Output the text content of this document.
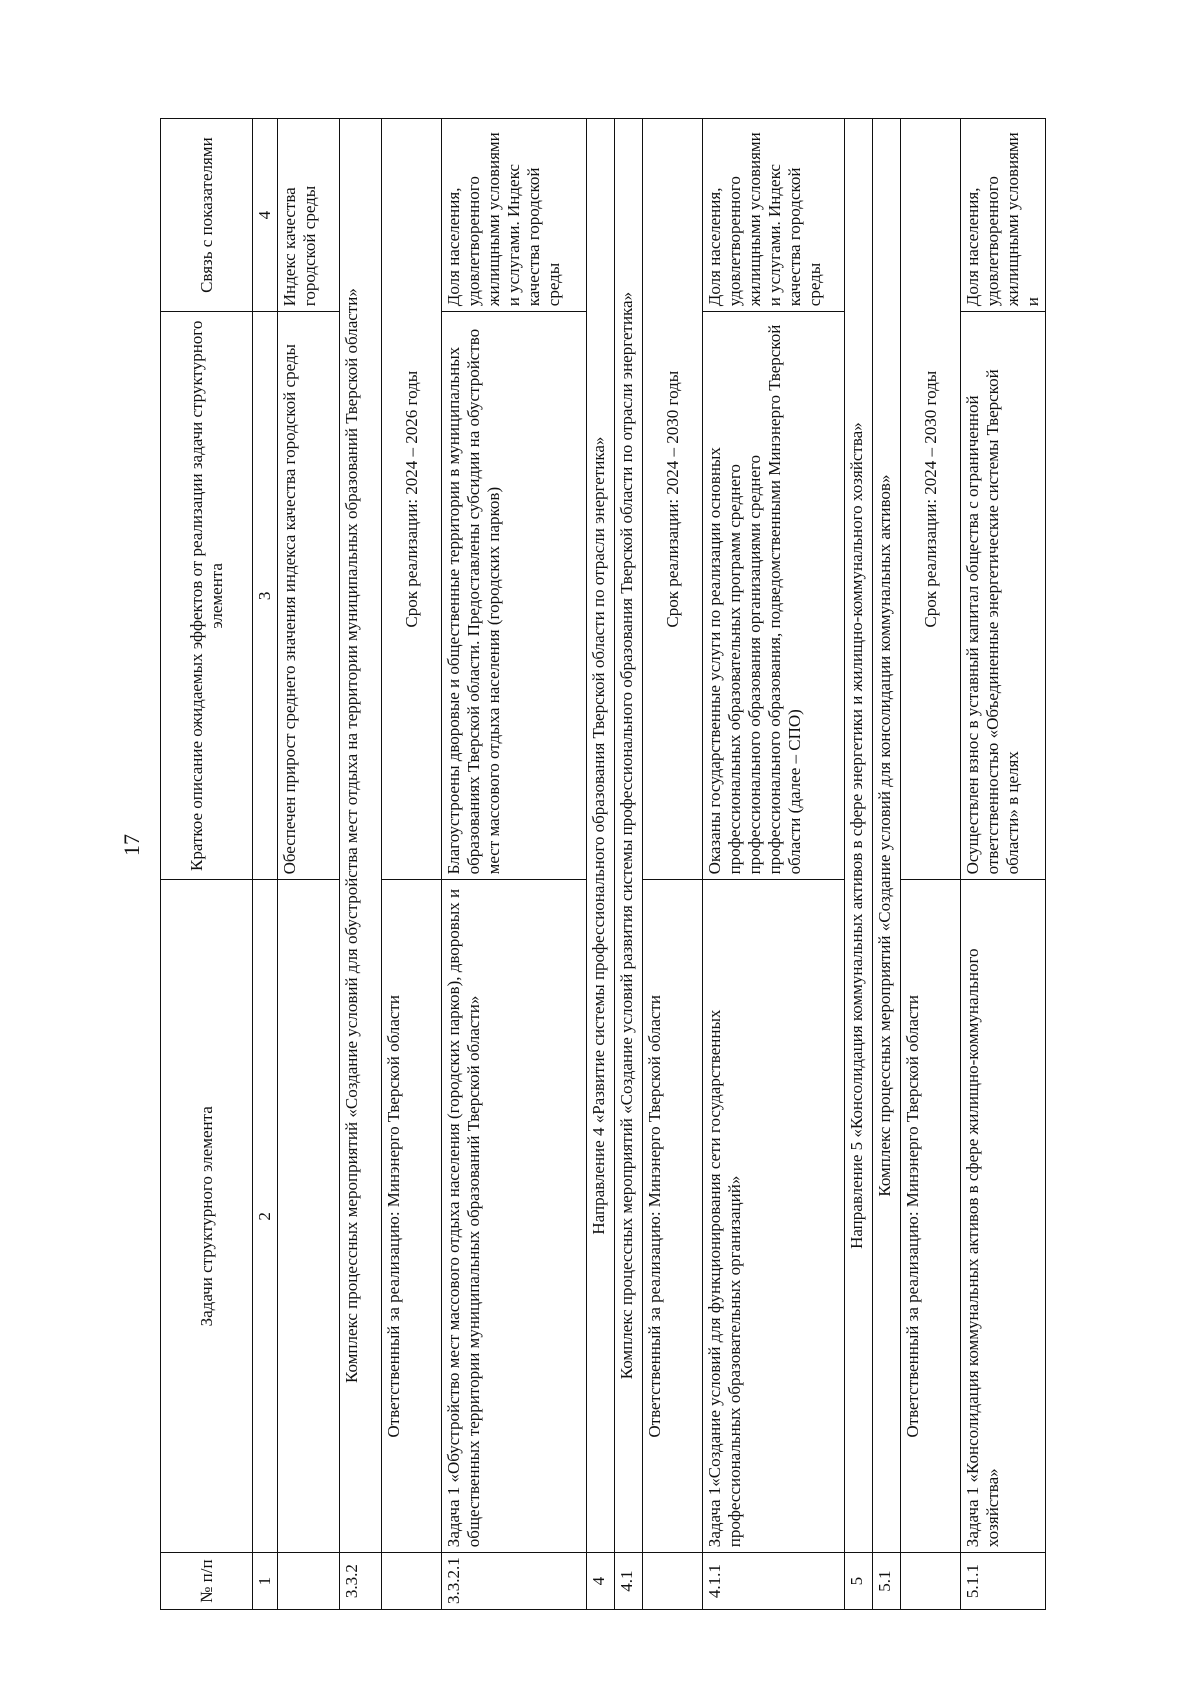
17
№ п/п	Задачи структурного элемента	Краткое описание ожидаемых эффектов от реализации задачи структурного элемента	Связь с показателями
1	2	3	4
		Обеспечен прирост среднего значения индекса качества городской среды	Индекс качества городской среды
3.3.2	Комплекс процессных мероприятий «Создание условий для обустройства мест отдыха на территории муниципальных образований Тверской области»		
	Ответственный за реализацию: Минэнерго Тверской области	Срок реализации: 2024 – 2026 годы	
3.3.2.1	Задача 1 «Обустройство мест массового отдыха населения (городских парков), дворовых и общественных территории муниципальных образований Тверской области»	Благоустроены дворовые и общественные территории в муниципальных образованиях Тверской области. Предоставлены субсидии на обустройство мест массового отдыха населения (городских парков)	Доля населения, удовлетворенного жилищными условиями и услугами. Индекс качества городской среды
4	Направление 4 «Развитие системы профессионального образования Тверской области по отрасли энергетика»		
4.1	Комплекс процессных мероприятий «Создание условий развития системы профессионального образования Тверской области по отрасли энергетика»		
	Ответственный за реализацию: Минэнерго Тверской области	Срок реализации: 2024 – 2030 годы	
4.1.1	Задача 1«Создание условий для функционирования сети государственных профессиональных образовательных организаций»	Оказаны государственные услуги по реализации основных профессиональных образовательных программ среднего профессионального образования организациями среднего профессионального образования, подведомственными Минэнерго Тверской области (далее – СПО)	Доля населения, удовлетворенного жилищными условиями и услугами. Индекс качества городской среды
5	Направление 5 «Консолидация коммунальных активов в сфере энергетики и жилищно-коммунального хозяйства»		
5.1	Комплекс процессных мероприятий «Создание условий для консолидации коммунальных активов»		
	Ответственный за реализацию: Минэнерго Тверской области	Срок реализации: 2024 – 2030 годы	
5.1.1	Задача 1 «Консолидация коммунальных активов в сфере жилищно-коммунального хозяйства»	Осуществлен взнос в уставный капитал общества с ограниченной ответственностью «Объединенные энергетические системы Тверской области» в целях	Доля населения, удовлетворенного жилищными условиями и
